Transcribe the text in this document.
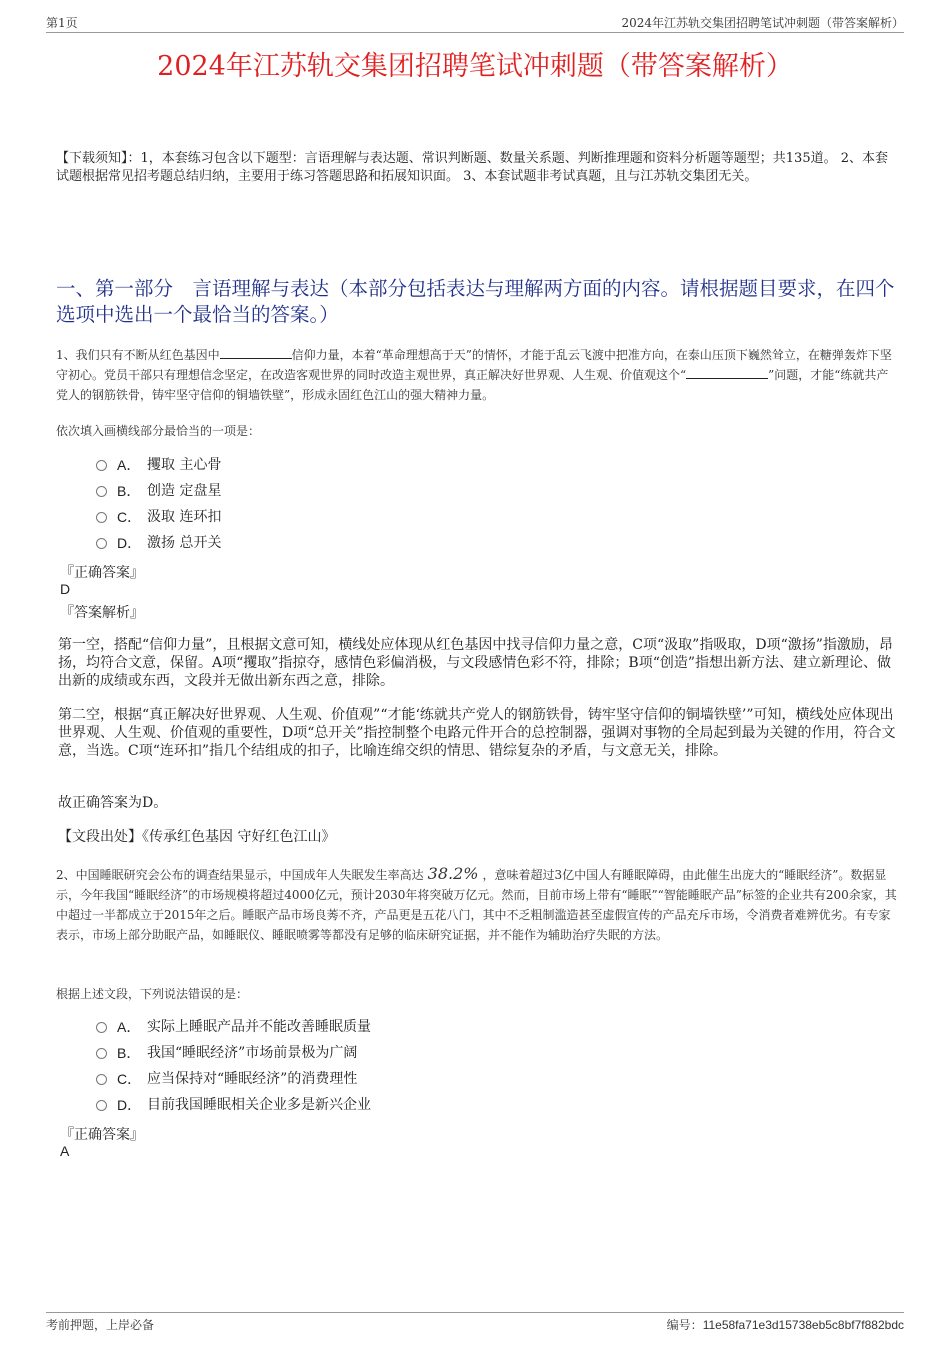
第1页	2024年江苏轨交集团招聘笔试冲刺题（带答案解析）
2024年江苏轨交集团招聘笔试冲刺题（带答案解析）
【下载须知】：1，本套练习包含以下题型：言语理解与表达题、常识判断题、数量关系题、判断推理题和资料分析题等题型；共135道。 2、本套试题根据常见招考题总结归纳，主要用于练习答题思路和拓展知识面。 3、本套试题非考试真题，且与江苏轨交集团无关。
一、第一部分　言语理解与表达（本部分包括表达与理解两方面的内容。请根据题目要求，在四个选项中选出一个最恰当的答案。）
1、我们只有不断从红色基因中	信仰力量，本着“革命理想高于天”的情怀，才能于乱云飞渡中把准方向，在泰山压顶下巍然耸立，在糖弹轰炸下坚守初心。党员干部只有理想信念坚定，在改造客观世界的同时改造主观世界，真正解决好世界观、人生观、价值观这个“	”问题，才能“练就共产党人的钢筋铁骨，铸牢坚守信仰的铜墙铁壁”，形成永固红色江山的强大精神力量。
依次填入画横线部分最恰当的一项是：
A． 攫取 主心骨
B． 创造 定盘星
C． 汲取 连环扣
D． 激扬 总开关
『正确答案』
D
『答案解析』
第一空，搭配“信仰力量”，且根据文意可知，横线处应体现从红色基因中找寻信仰力量之意，C项“汲取”指吸取，D项“激扬”指激励，昂扬，均符合文意，保留。A项“攫取”指掠夺，感情色彩偏消极，与文段感情色彩不符，排除；B项“创造”指想出新方法、建立新理论、做出新的成绩或东西，文段并无做出新东西之意，排除。
第二空，根据“真正解决好世界观、人生观、价值观”“才能‘练就共产党人的钢筋铁骨，铸牢坚守信仰的铜墙铁壁’”可知，横线处应体现出世界观、人生观、价值观的重要性，D项“总开关”指控制整个电路元件开合的总控制器，强调对事物的全局起到最为关键的作用，符合文意，当选。C项“连环扣”指几个结组成的扣子，比喻连绵交织的情思、错综复杂的矛盾，与文意无关，排除。
故正确答案为D。
【文段出处】《传承红色基因 守好红色江山》
2、中国睡眠研究会公布的调查结果显示，中国成年人失眠发生率高达 38.2% ，意味着超过3亿中国人有睡眠障碍，由此催生出庞大的“睡眠经济”。数据显示，今年我国“睡眠经济”的市场规模将超过4000亿元，预计2030年将突破万亿元。然而，目前市场上带有“睡眠”“智能睡眠产品”标签的企业共有200余家，其中超过一半都成立于2015年之后。睡眠产品市场良莠不齐，产品更是五花八门，其中不乏粗制滥造甚至虚假宣传的产品充斥市场，令消费者难辨优劣。有专家表示，市场上部分助眠产品，如睡眠仪、睡眠喷雾等都没有足够的临床研究证据，并不能作为辅助治疗失眠的方法。
根据上述文段，下列说法错误的是：
A． 实际上睡眠产品并不能改善睡眠质量
B． 我国“睡眠经济”市场前景极为广阔
C． 应当保持对“睡眠经济”的消费理性
D． 目前我国睡眠相关企业多是新兴企业
『正确答案』
A
考前押题，上岸必备	编号：11e58fa71e3d15738eb5c8bf7f882bdc
